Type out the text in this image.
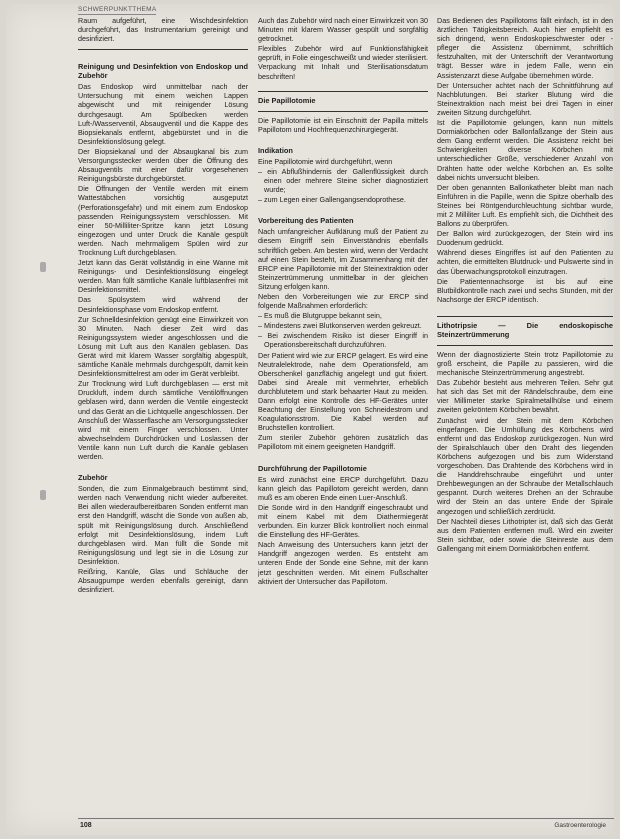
SCHWERPUNKTTHEMA

Raum aufgeführt, eine Wischdesinfektion durchgeführt, das Instrumentarium gereinigt und desinfiziert.

Reinigung und Desinfektion von Endoskop und Zubehör

Das Endoskop wird unmittelbar nach der Untersuchung mit einem weichen Lappen abgewischt und mit reinigender Lösung durchgesaugt. Am Spülbecken werden Luft-/Wasserventil, Absaugventil und die Kappe des Biopsiekanals entfernt, abgebürstet und in die Desinfektionslösung gelegt.

Der Biopsiekanal und der Absaugkanal bis zum Versorgungsstecker werden über die Öffnung des Absaugventils mit einer dafür vorgesehenen Reinigungsbürste durchgebürstet.

Die Öffnungen der Ventile werden mit einem Wattestäbchen vorsichtig ausgeputzt (Perforationsgefahr) und mit einem zum Endoskop passenden Reinigungssystem verschlossen. Mit einer 50-Milliliter-Spritze kann jetzt Lösung eingezogen und unter Druck die Kanäle gespült werden. Nach mehrmaligem Spülen wird zur Trocknung Luft durchgeblasen.

Jetzt kann das Gerät vollständig in eine Wanne mit Reinigungs- und Desinfektionslösung eingelegt werden. Man füllt sämtliche Kanäle luftblasenfrei mit Desinfektionsmittel.

Das Spülsystem wird während der Desinfektionsphase vom Endoskop entfernt.

Zur Schnelldesinfektion genügt eine Einwirkzeit von 30 Minuten. Nach dieser Zeit wird das Reinigungssystem wieder angeschlossen und die Lösung mit Luft aus den Kanälen geblasen. Das Gerät wird mit klarem Wasser sorgfältig abgespült, sämtliche Kanäle mehrmals durchgespült, damit kein Desinfektionsmittelrest am oder im Gerät verbleibt.

Zur Trocknung wird Luft durchgeblasen — erst mit Druckluft, indem durch sämtliche Ventilöffnungen geblasen wird, dann werden die Ventile eingesteckt und das Gerät an die Lichtquelle angeschlossen. Der Anschluß der Wasserflasche am Versorgungsstecker wird mit einem Finger verschlossen. Unter abwechselndem Durchdrücken und Loslassen der Ventile kann nun Luft durch die Kanäle geblasen werden.

Zubehör

Sonden, die zum Einmalgebrauch bestimmt sind, werden nach Verwendung nicht wieder aufbereitet. Bei allen wiederaufbereitbaren Sonden entfernt man erst den Handgriff, wäscht die Sonde von außen ab, spült mit Reinigungslösung durch. Anschließend erfolgt mit Desinfektionslösung, indem Luft durchgeblasen wird. Man füllt die Sonde mit Reinigungslösung und legt sie in die Lösung zur Desinfektion.

Reißring, Kanüle, Glas und Schläuche der Absaugpumpe werden ebenfalls gereinigt, dann desinfiziert.

Auch das Zubehör wird nach einer Einwirkzeit von 30 Minuten mit klarem Wasser gespült und sorgfältig getrocknet.

Flexibles Zubehör wird auf Funktionsfähigkeit geprüft, in Folie eingeschweißt und wieder sterilisiert. Verpackung mit Inhalt und Sterilisationsdatum beschriften!

Die Papillotomie

Die Papillotomie ist ein Einschnitt der Papilla mittels Papillotom und Hochfrequenzchirurgiegerät.

Indikation

Eine Papillotomie wird durchgeführt, wenn

– ein Abflußhindernis der Gallenflüssigkeit durch einen oder mehrere Steine sicher diagnostiziert wurde;

– zum Legen einer Gallengangsendoprothese.

Vorbereitung des Patienten

Nach umfangreicher Aufklärung muß der Patient zu diesem Eingriff sein Einverständnis ebenfalls schriftlich geben. Am besten wird, wenn der Verdacht auf einen Stein besteht, im Zusammenhang mit der ERCP eine Papillotomie mit der Steinextraktion oder Steinzertrümmerung unmittelbar in der gleichen Sitzung erfolgen kann.

Neben den Vorbereitungen wie zur ERCP sind folgende Maßnahmen erforderlich:

– Es muß die Blutgruppe bekannt sein,

– Mindestens zwei Blutkonserven werden gekreuzt.

– Bei zwischendem Risiko ist dieser Eingriff in Operationsbereitschaft durchzuführen.

Der Patient wird wie zur ERCP gelagert. Es wird eine Neutralelektrode, nahe dem Operationsfeld, am Oberschenkel ganzflächig angelegt und gut fixiert. Dabei sind Areale mit vermehrter, erheblich durchblutetem und stark behaarter Haut zu meiden. Dann erfolgt eine Kontrolle des HF-Gerätes unter Beachtung der Einstellung von Schneidestrom und Koagulationsstrom. Die Kabel werden auf Bruchstellen kontrolliert.

Zum steriler Zubehör gehören zusätzlich das Papillotom mit einem geeigneten Handgriff.

Durchführung der Papillotomie

Es wird zunächst eine ERCP durchgeführt. Dazu kann gleich das Papillotom gereicht werden, dann muß es am oberen Ende einen Luer-Anschluß.

Die Sonde wird in den Handgriff eingeschraubt und mit einem Kabel mit dem Diathermiegerät verbunden. Ein kurzer Blick kontrolliert noch einmal die Einstellung des HF-Gerätes.

Nach Anweisung des Untersuchers kann jetzt der Handgriff angezogen werden. Es entsteht am unteren Ende der Sonde eine Sehne, mit der kann jetzt geschnitten werden. Mit einem Fußschalter aktiviert der Untersucher das Papillotom.

Das Bedienen des Papillotoms fällt einfach, ist in den ärztlichen Tätigkeitsbereich. Auch hier empfiehlt es sich dringend, wenn Endoskopieschwester oder -pfleger die Assistenz übernimmt, schriftlich festzuhalten, mit der Unterschrift der Verantwortung trägt. Besser wäre in jedem Falle, wenn ein Assistenzarzt diese Aufgabe übernehmen würde.

Der Untersucher achtet nach der Schnittführung auf Nachblutungen. Bei starker Blutung wird die Steinextraktion nach meist bei drei Tagen in einer zweiten Sitzung durchgeführt.

Ist die Papillotomie gelungen, kann nun mittels Dormiakörbchen oder Ballonfaßzange der Stein aus dem Gang entfernt werden. Die Assistenz reicht bei Schwierigkeiten diverse Körbchen mit unterschiedlicher Größe, verschiedener Anzahl von Drähten hatte oder welche Körbchen an. Es sollte dabei nichts unversucht bleiben.

Der oben genannten Ballonkatheter bleibt man nach Einführen in die Papille, wenn die Spitze oberhalb des Steines bei Röntgendurchleuchtung sichtbar wurde, mit 2 Milliliter Luft. Es empfiehlt sich, die Dichtheit des Ballons zu überprüfen.

Der Ballon wird zurückgezogen, der Stein wird ins Duodenum gedrückt.

Während dieses Eingriffes ist auf den Patienten zu achten, die ermittelten Blutdruck- und Pulswerte sind in das Überwachungsprotokoll einzutragen.

Die Patientennachsorge ist bis auf eine Blutbildkontrolle nach zwei und sechs Stunden, mit der Nachsorge der ERCP identisch.

Lithotripsie — Die endoskopische Steinzertrümmerung

Wenn der diagnostizierte Stein trotz Papillotomie zu groß erscheint, die Papille zu passieren, wird die mechanische Steinzertrümmerung angestrebt.

Das Zubehör besteht aus mehreren Teilen. Sehr gut hat sich das Set mit der Rändelschraube, dem eine vier Millimeter starke Spiralmetallhülse und einem zweiten gekröntem Körbchen bewährt.

Zunächst wird der Stein mit dem Körbchen eingefangen. Die Umhüllung des Körbchens wird entfernt und das Endoskop zurückgezogen. Nun wird der Spiralschlauch über den Draht des liegenden Körbchens aufgezogen und bis zum Widerstand vorgeschoben. Das Drahtende des Körbchens wird in die Handdrehschraube eingeführt und unter Drehbewegungen an der Schraube der Metallschlauch gespannt. Durch weiteres Drehen an der Schraube wird der Stein an das untere Ende der Spirale angezogen und schließlich zerdrückt.

Der Nachteil dieses Lithotripter ist, daß sich das Gerät aus dem Patienten entfernen muß. Wird ein zweiter Stein sichtbar, oder sowie die Steinreste aus dem Gallengang mit einem Dormiakörbchen entfernt.

108	Gastroenterologie
